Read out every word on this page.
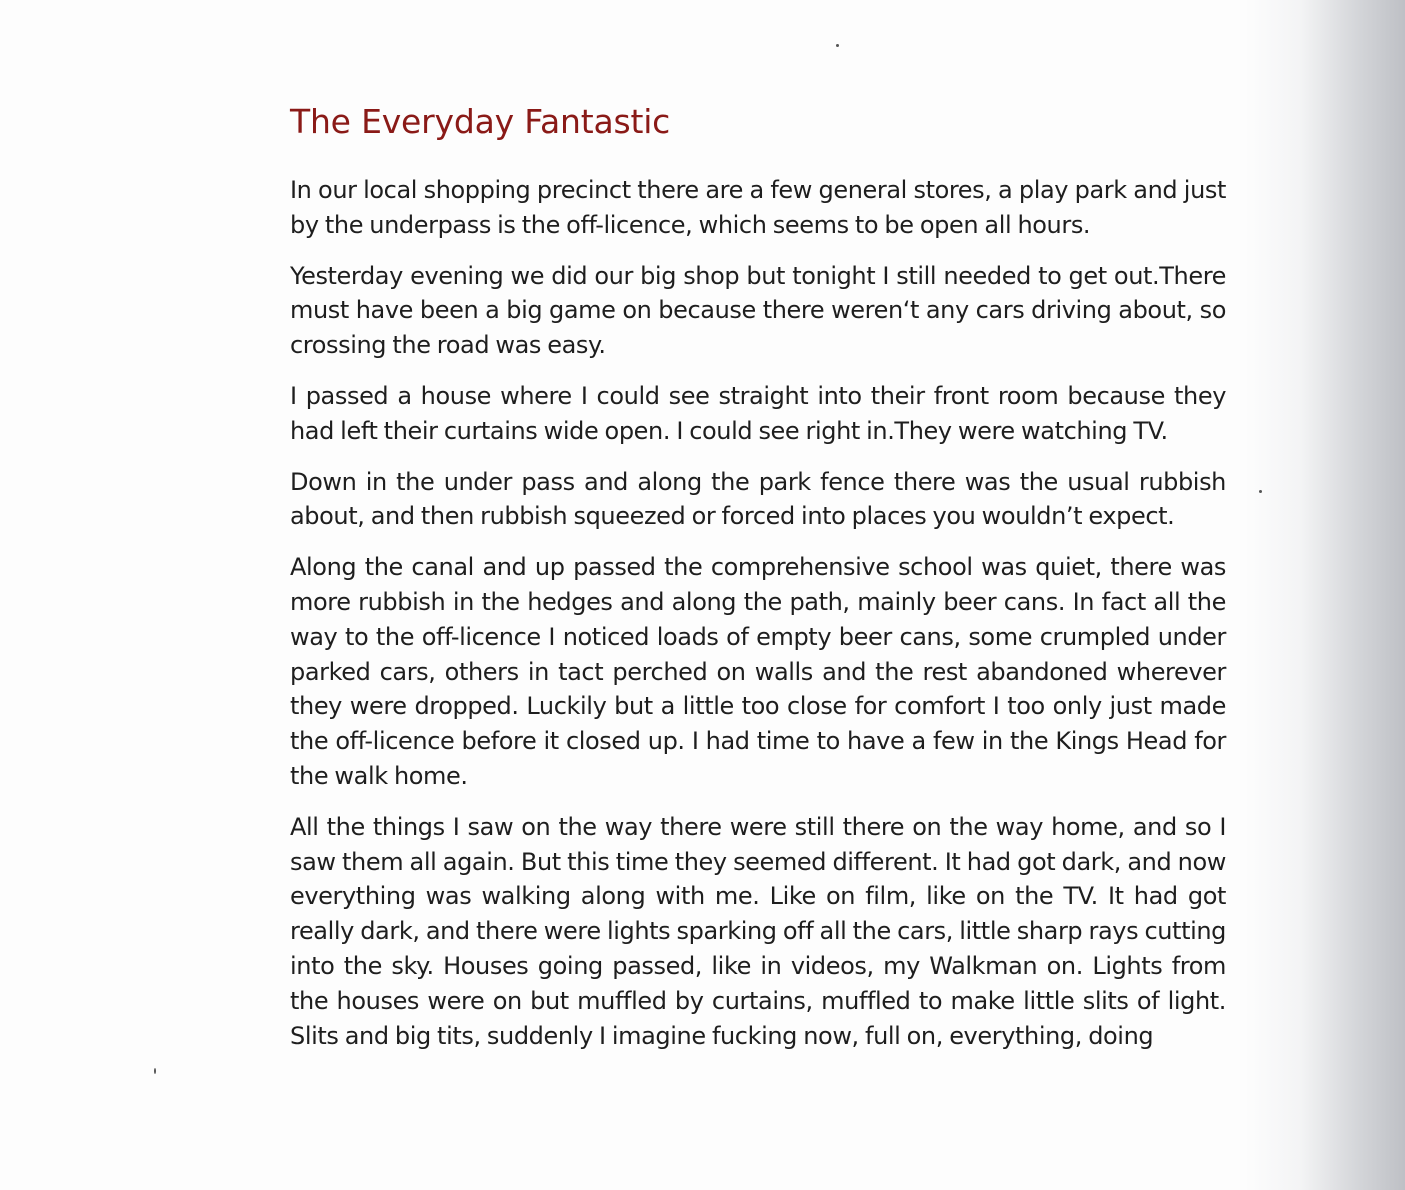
The Everyday Fantastic

In our local shopping precinct there are a few general stores, a play park and just by the underpass is the off-licence, which seems to be open all hours.

Yesterday evening we did our big shop but tonight I still needed to get out.There must have been a big game on because there weren‘t any cars driving about, so crossing the road was easy.

I passed a house where I could see straight into their front room because they had left their curtains wide open. I could see right in.They were watching TV.

Down in the under pass and along the park fence there was the usual rubbish about, and then rubbish squeezed or forced into places you wouldn’t expect.

Along the canal and up passed the comprehensive school was quiet, there was more rubbish in the hedges and along the path, mainly beer cans. In fact all the way to the off-licence I noticed loads of empty beer cans, some crumpled under parked cars, others in tact perched on walls and the rest abandoned wherever they were dropped. Luckily but a little too close for comfort I too only just made the off-licence before it closed up. I had time to have a few in the Kings Head for the walk home.

All the things I saw on the way there were still there on the way home, and so I saw them all again. But this time they seemed different. It had got dark, and now everything was walking along with me. Like on film, like on the TV. It had got really dark, and there were lights sparking off all the cars, little sharp rays cutting into the sky. Houses going passed, like in videos, my Walkman on. Lights from the houses were on but muffled by curtains, muffled to make little slits of light. Slits and big tits, suddenly I imagine fucking now, full on, everything, doing
